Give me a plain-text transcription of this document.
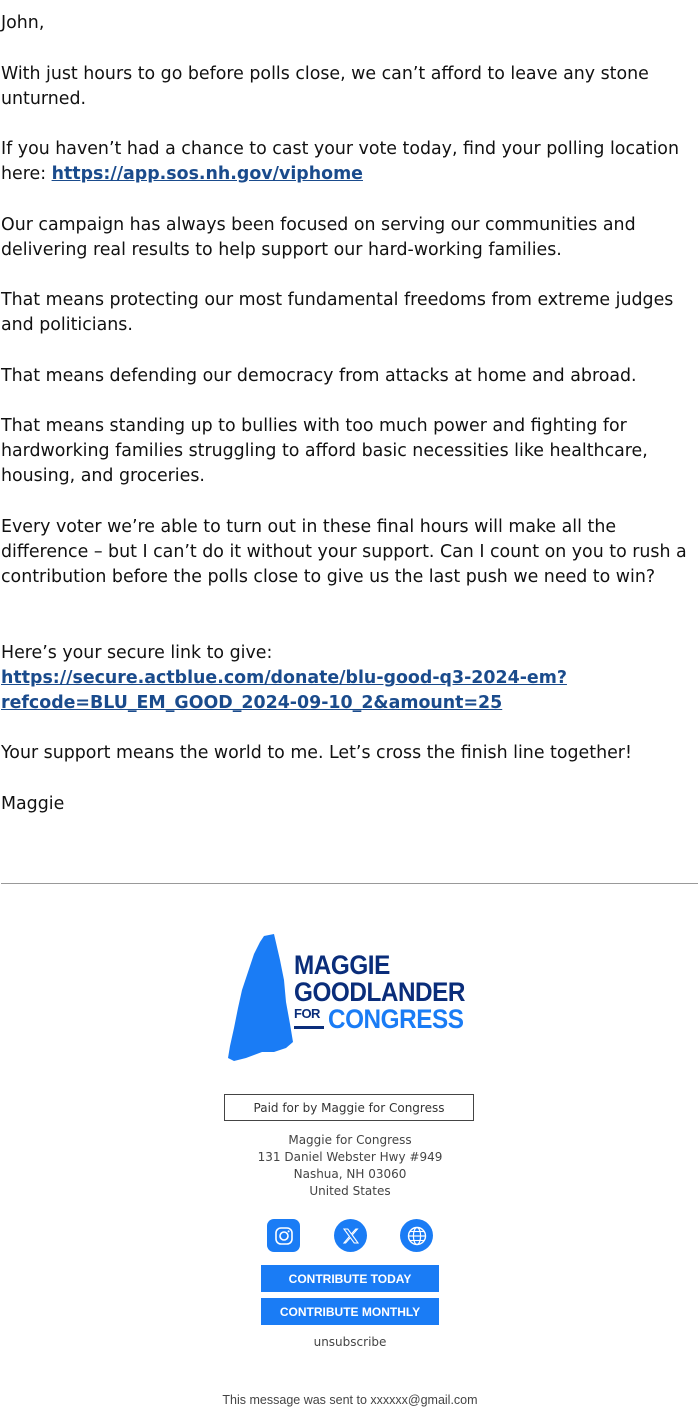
John,

With just hours to go before polls close, we can’t afford to leave any stone unturned.

If you haven’t had a chance to cast your vote today, find your polling location here: https://app.sos.nh.gov/viphome

Our campaign has always been focused on serving our communities and delivering real results to help support our hard-working families.

That means protecting our most fundamental freedoms from extreme judges and politicians.

That means defending our democracy from attacks at home and abroad.

That means standing up to bullies with too much power and fighting for hardworking families struggling to afford basic necessities like healthcare, housing, and groceries.

Every voter we’re able to turn out in these final hours will make all the difference – but I can’t do it without your support. Can I count on you to rush a contribution before the polls close to give us the last push we need to win?

Here’s your secure link to give:
https://secure.actblue.com/donate/blu-good-q3-2024-em?
refcode=BLU_EM_GOOD_2024-09-10_2&amount=25

Your support means the world to me. Let’s cross the finish line together!

Maggie

MAGGIE
GOODLANDER
FOR CONGRESS
Paid for by Maggie for Congress
Maggie for Congress
131 Daniel Webster Hwy #949
Nashua, NH 03060
United States
CONTRIBUTE TODAY
CONTRIBUTE MONTHLY
unsubscribe
This message was sent to xxxxxx@gmail.com
